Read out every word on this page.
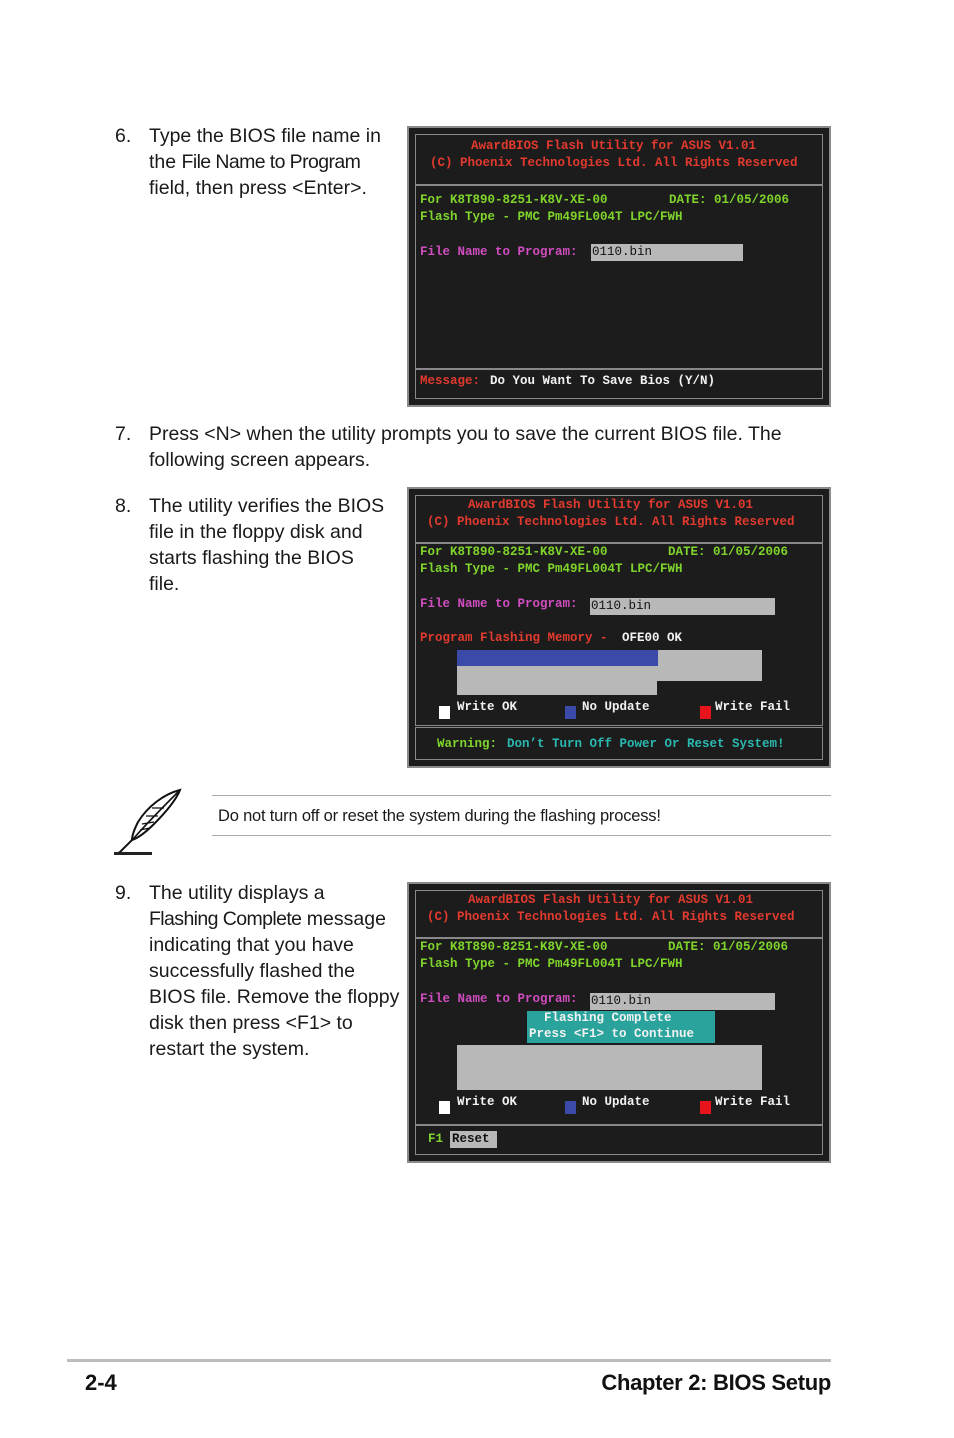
6. Type the BIOS file name in
the File Name to Program
field, then press <Enter>.
AwardBIOS Flash Utility for ASUS V1.01
(C) Phoenix Technologies Ltd. All Rights Reserved
For K8T890-8251-K8V-XE-00	DATE: 01/05/2006
Flash Type - PMC Pm49FL004T LPC/FWH
File Name to Program: 0110.bin
Message: Do You Want To Save Bios (Y/N)
7. Press <N> when the utility prompts you to save the current BIOS file. The
following screen appears.
8. The utility verifies the BIOS
file in the floppy disk and
starts flashing the BIOS
file.
AwardBIOS Flash Utility for ASUS V1.01
(C) Phoenix Technologies Ltd. All Rights Reserved
For K8T890-8251-K8V-XE-00	DATE: 01/05/2006
Flash Type - PMC Pm49FL004T LPC/FWH
File Name to Program: 0110.bin
Program Flashing Memory - OFE00 OK
Write OK	No Update	Write Fail
Warning: Don’t Turn Off Power Or Reset System!
Do not turn off or reset the system during the flashing process!
9. The utility displays a
Flashing Complete message
indicating that you have
successfully flashed the
BIOS file. Remove the floppy
disk then press <F1> to
restart the system.
AwardBIOS Flash Utility for ASUS V1.01
(C) Phoenix Technologies Ltd. All Rights Reserved
For K8T890-8251-K8V-XE-00	DATE: 01/05/2006
Flash Type - PMC Pm49FL004T LPC/FWH
File Name to Program: 0110.bin
Flashing Complete
Press <F1> to Continue
Write OK	No Update	Write Fail
F1 Reset
2-4	Chapter 2: BIOS Setup
